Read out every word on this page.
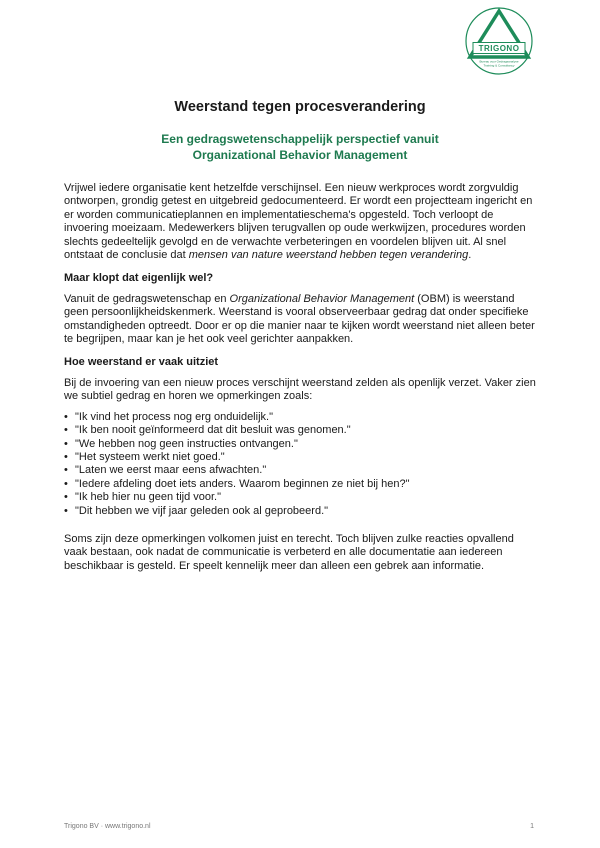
TRIGONO
Bureau voor Gedragsanalyse
Training & Consultancy
Weerstand tegen procesverandering
Een gedragswetenschappelijk perspectief vanuit
Organizational Behavior Management

Vrijwel iedere organisatie kent hetzelfde verschijnsel. Een nieuw werkproces wordt zorgvuldig ontworpen, grondig getest en uitgebreid gedocumenteerd. Er wordt een projectteam ingericht en er worden communicatieplannen en implementatieschema's opgesteld. Toch verloopt de invoering moeizaam. Medewerkers blijven terugvallen op oude werkwijzen, procedures worden slechts gedeeltelijk gevolgd en de verwachte verbeteringen en voordelen blijven uit. Al snel ontstaat de conclusie dat mensen van nature weerstand hebben tegen verandering.

Maar klopt dat eigenlijk wel?

Vanuit de gedragswetenschap en Organizational Behavior Management (OBM) is weerstand geen persoonlijkheidskenmerk. Weerstand is vooral observeerbaar gedrag dat onder specifieke omstandigheden optreedt. Door er op die manier naar te kijken wordt weerstand niet alleen beter te begrijpen, maar kan je het ook veel gerichter aanpakken.

Hoe weerstand er vaak uitziet

Bij de invoering van een nieuw proces verschijnt weerstand zelden als openlijk verzet. Vaker zien we subtiel gedrag en horen we opmerkingen zoals:

• "Ik vind het process nog erg onduidelijk."
• "Ik ben nooit geïnformeerd dat dit besluit was genomen."
• "We hebben nog geen instructies ontvangen."
• "Het systeem werkt niet goed."
• "Laten we eerst maar eens afwachten."
• "Iedere afdeling doet iets anders. Waarom beginnen ze niet bij hen?"
• "Ik heb hier nu geen tijd voor."
• "Dit hebben we vijf jaar geleden ook al geprobeerd."

Soms zijn deze opmerkingen volkomen juist en terecht. Toch blijven zulke reacties opvallend vaak bestaan, ook nadat de communicatie is verbeterd en alle documentatie aan iedereen beschikbaar is gesteld. Er speelt kennelijk meer dan alleen een gebrek aan informatie.

Trigono BV · www.trigono.nl	1
